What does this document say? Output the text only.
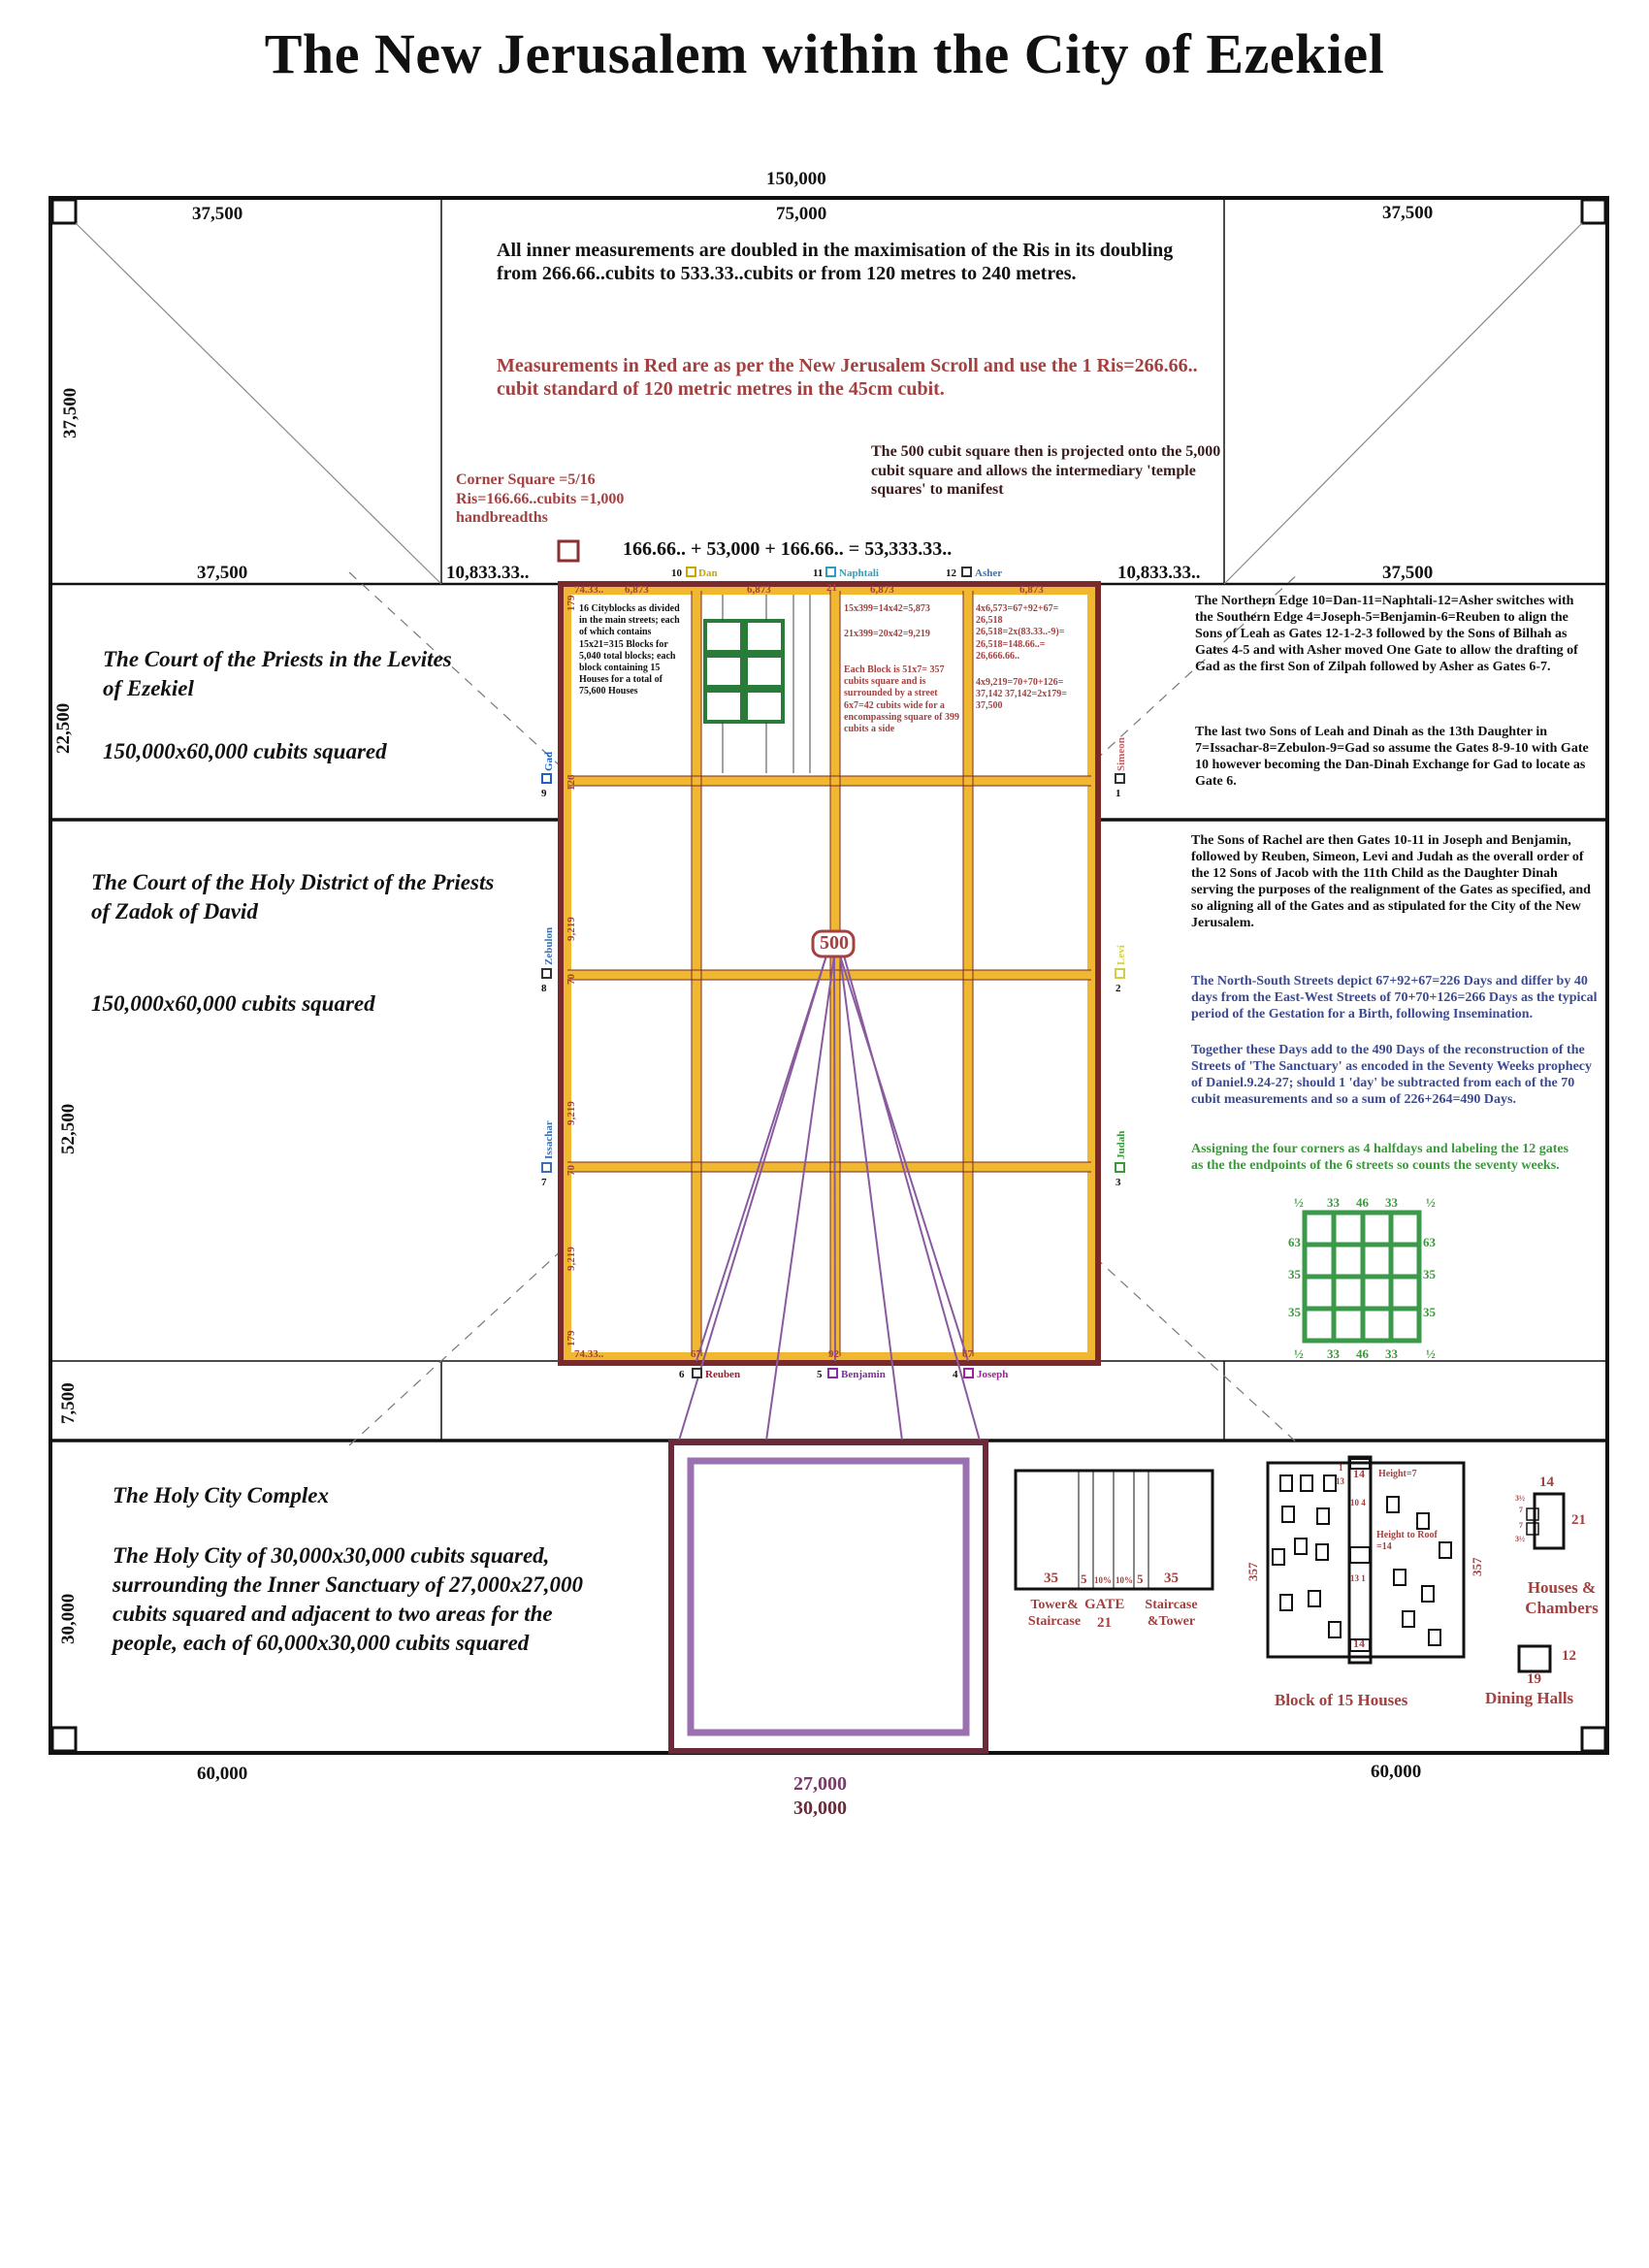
The New Jerusalem within the City of Ezekiel
150,000
37,500	75,000	37,500
37,500	37,500
10,833.33..	10,833.33..
166.66.. + 53,000 + 166.66.. = 53,333.33..
37,500
22,500
52,500
7,500
30,000
60,000	60,000
27,000
30,000
All inner measurements are doubled in the maximisation of the Ris in its doubling from 266.66..cubits to 533.33..cubits or from 120 metres to 240 metres.
Measurements in Red are as per the New Jerusalem Scroll and use the 1 Ris=266.66.. cubit standard of 120 metric metres in the 45cm cubit.
The 500 cubit square then is projected onto the 5,000 cubit square and allows the intermediary 'temple squares' to manifest
Corner Square =5/16 Ris=166.66..cubits =1,000 handbreadths
The Court of the Priests in the Levites of Ezekiel
150,000x60,000 cubits squared
The Court of the Holy District of the Priests of Zadok of David
150,000x60,000 cubits squared
The Holy City Complex
The Holy City of 30,000x30,000 cubits squared, surrounding the Inner Sanctuary of 27,000x27,000 cubits squared and adjacent to two areas for the people, each of 60,000x30,000 cubits squared
The Northern Edge 10=Dan-11=Naphtali-12=Asher switches with the Southern Edge 4=Joseph-5=Benjamin-6=Reuben to align the Sons of Leah as Gates 12-1-2-3 followed by the Sons of Bilhah as Gates 4-5 and with Asher moved One Gate to allow the drafting of Gad as the first Son of Zilpah followed by Asher as Gates 6-7.
The last two Sons of Leah and Dinah as the 13th Daughter in 7=Issachar-8=Zebulon-9=Gad so assume the Gates 8-9-10 with Gate 10 however becoming the Dan-Dinah Exchange for Gad to locate as Gate 6.
The Sons of Rachel are then Gates 10-11 in Joseph and Benjamin, followed by Reuben, Simeon, Levi and Judah as the overall order of the 12 Sons of Jacob with the 11th Child as the Daughter Dinah serving the purposes of the realignment of the Gates as specified, and so aligning all of the Gates and as stipulated for the City of the New Jerusalem.
The North-South Streets depict 67+92+67=226 Days and differ by 40 days from the East-West Streets of 70+70+126=266 Days as the typical period of the Gestation for a Birth, following Insemination.
Together these Days add to the 490 Days of the reconstruction of the Streets of 'The Sanctuary' as encoded in the Seventy Weeks prophecy of Daniel.9.24-27; should 1 'day' be subtracted from each of the 70 cubit measurements and so a sum of 226+264=490 Days.
Assigning the four corners as 4 halfdays and labeling the 12 gates as the the endpoints of the 6 streets so counts the seventy weeks.
500
74.33.. 6,873	6,873	6,873	6,873
21
74.33..	67	92	67
179
126
9,219
70
9,219
70
9,219
179
16 Cityblocks as divided in the main streets; each of which contains 15x21=315 Blocks for 5,040 total blocks; each block containing 15 Houses for a total of 75,600 Houses
15x399=14x42=5,873
21x399=20x42=9,219
Each Block is 51x7= 357 cubits square and is surrounded by a street 6x7=42 cubits wide for a encompassing square of 399 cubits a side
4x6,573=67+92+67= 26,518 26,518=2x(83.33..-9)= 26,518=148.66..= 26,666.66..
4x9,219=70+70+126= 37,142 37,142=2x179= 37,500
10 Dan	11 Naphtali	12 Asher
1
Simeon
2
Levi
3
Judah
4 Joseph
5 Benjamin
6 Reuben
7
Issachar
8
Zebulon
9
Gad
½ 33 46 33 ½
63
35
35
63
35
35
½ 33 46 33 ½
35 5 10% 10% 5 35
GATE
21
Tower& Staircase
Staircase &Tower
Block of 15 Houses
357	357
14
1
13
Height=7
Height to Roof =14
10 4
13 1
14
Houses & Chambers
14
21
3½
7
7
3½
Dining Halls
12
19
